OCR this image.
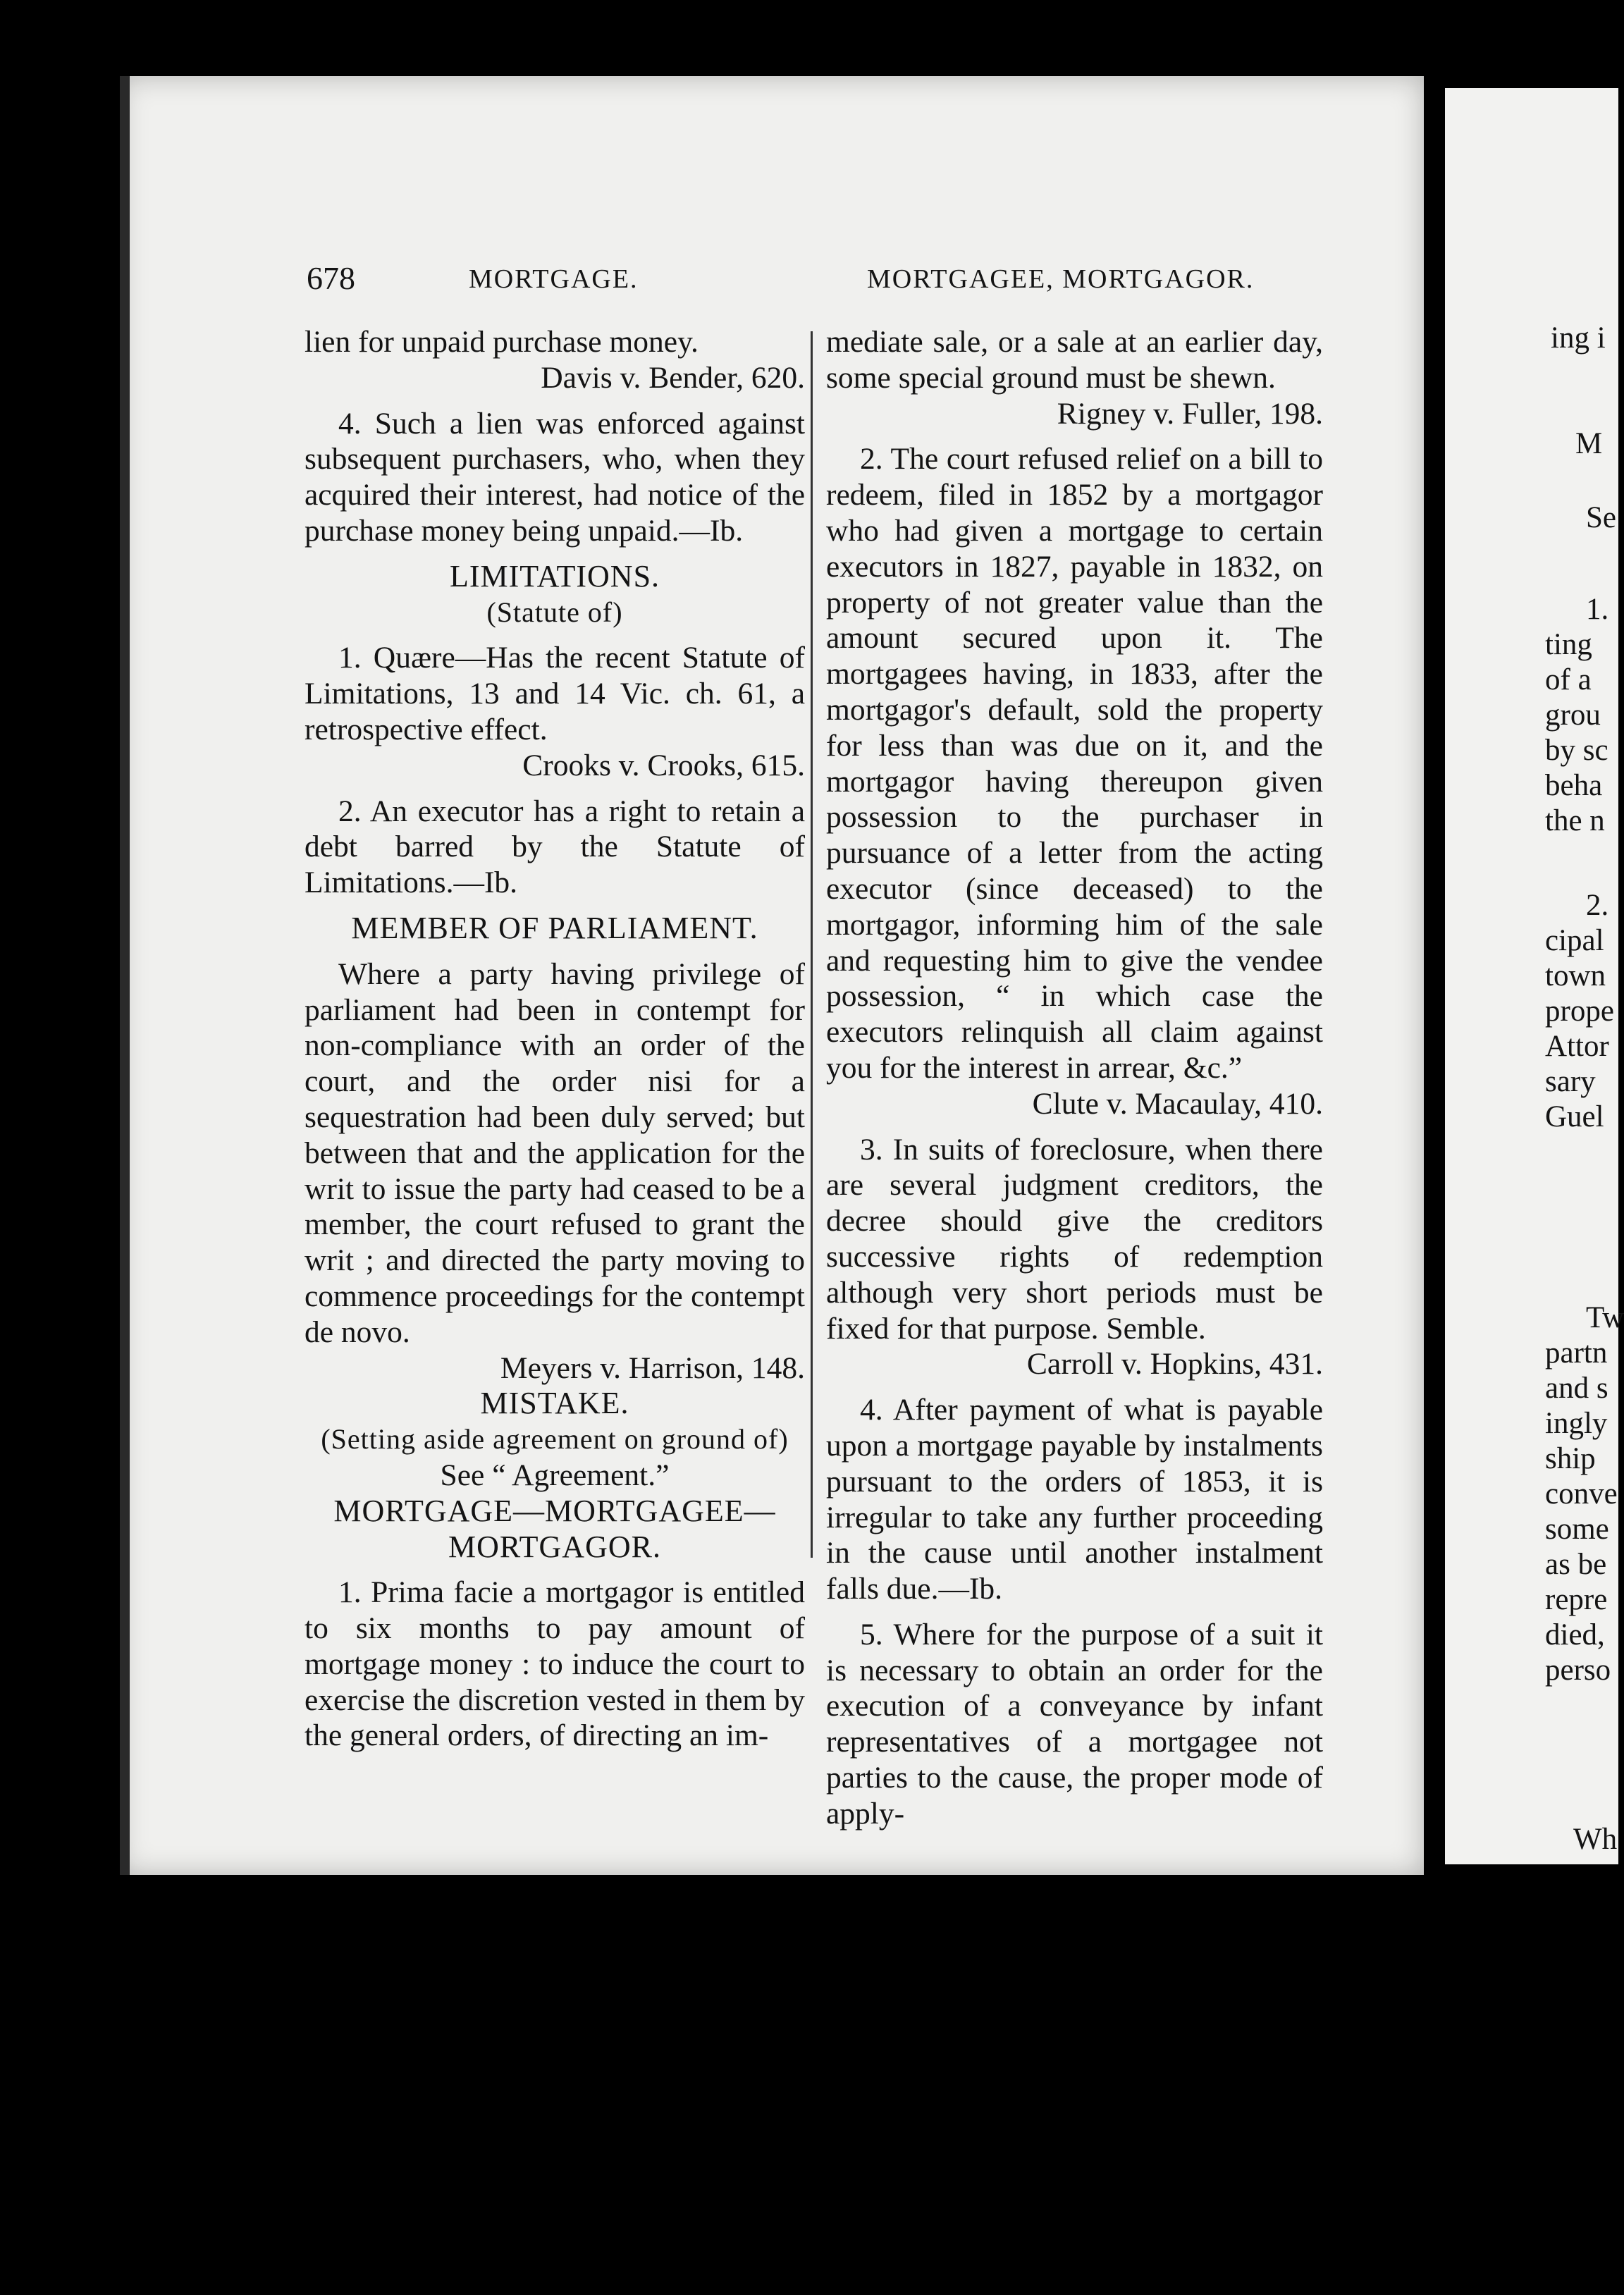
678	MORTGAGE.	MORTGAGEE, MORTGAGOR.

lien for unpaid purchase money.

Davis v. Bender, 620.

4. Such a lien was enforced against subsequent purchasers, who, when they acquired their interest, had notice of the purchase money being unpaid.—Ib.

LIMITATIONS.

(Statute of)

1. Quære—Has the recent Statute of Limitations, 13 and 14 Vic. ch. 61, a retrospective effect.

Crooks v. Crooks, 615.

2. An executor has a right to retain a debt barred by the Statute of Limitations.—Ib.

MEMBER OF PARLIAMENT.

Where a party having privilege of parliament had been in contempt for non-compliance with an order of the court, and the order nisi for a sequestration had been duly served; but between that and the application for the writ to issue the party had ceased to be a member, the court refused to grant the writ ; and directed the party moving to commence proceedings for the contempt de novo.

Meyers v. Harrison, 148.

MISTAKE.

(Setting aside agreement on ground of)

See “ Agreement.”

MORTGAGE—MORTGAGEE—MORTGAGOR.

1. Prima facie a mortgagor is entitled to six months to pay amount of mortgage money : to induce the court to exercise the discretion vested in them by the general orders, of directing an im-

mediate sale, or a sale at an earlier day, some special ground must be shewn.

Rigney v. Fuller, 198.

2. The court refused relief on a bill to redeem, filed in 1852 by a mortgagor who had given a mortgage to certain executors in 1827, payable in 1832, on property of not greater value than the amount secured upon it. The mortgagees having, in 1833, after the mortgagor's default, sold the property for less than was due on it, and the mortgagor having thereupon given possession to the purchaser in pursuance of a letter from the acting executor (since deceased) to the mortgagor, informing him of the sale and requesting him to give the vendee possession, “ in which case the executors relinquish all claim against you for the interest in arrear, &c.”

Clute v. Macaulay, 410.

3. In suits of foreclosure, when there are several judgment creditors, the decree should give the creditors successive rights of redemption although very short periods must be fixed for that purpose. Semble.

Carroll v. Hopkins, 431.

4. After payment of what is payable upon a mortgage payable by instalments pursuant to the orders of 1853, it is irregular to take any further proceeding in the cause until another instalment falls due.—Ib.

5. Where for the purpose of a suit it is necessary to obtain an order for the execution of a conveyance by infant representatives of a mortgagee not parties to the cause, the proper mode of apply-

ing i
M
Se
1.
ting
of a
grou
by sc
beha
the n
2.
cipal
town
prope
Attor
sary
Guel
Tw
partn
and s
ingly
ship
conve
some
as be
repre
died,
perso
Wh
